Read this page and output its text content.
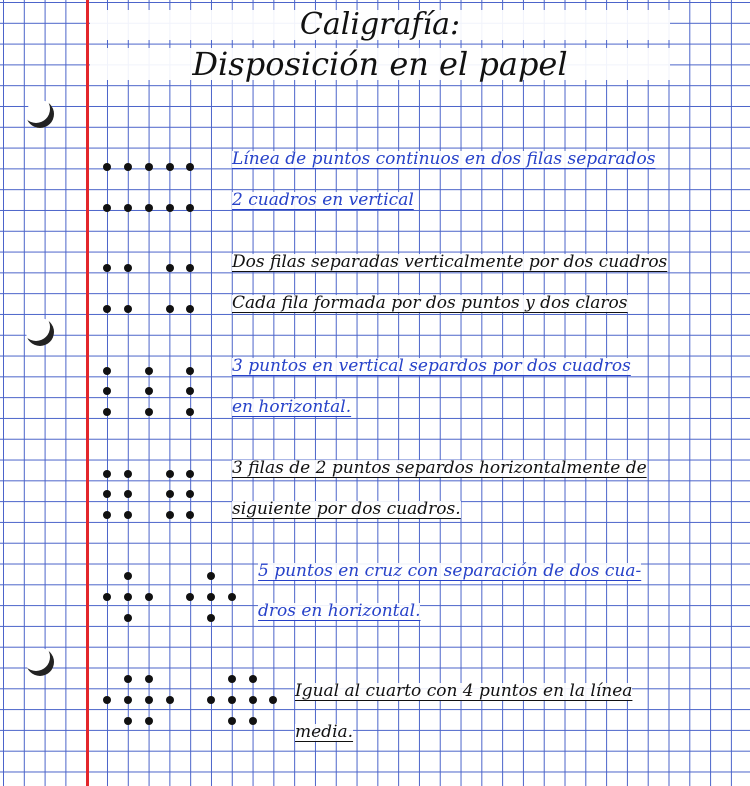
Caligrafía:
Disposición en el papel
Línea de puntos continuos en dos filas separados
2 cuadros en vertical
Dos filas separadas verticalmente por dos cuadros
Cada fila formada por dos puntos y dos claros
3 puntos en vertical separdos por dos cuadros
en horizontal.
3 filas de 2 puntos separdos horizontalmente de
siguiente por dos cuadros.
5 puntos en cruz con separación de dos cua-
dros en horizontal.
Igual al cuarto con 4 puntos en la línea
media.
